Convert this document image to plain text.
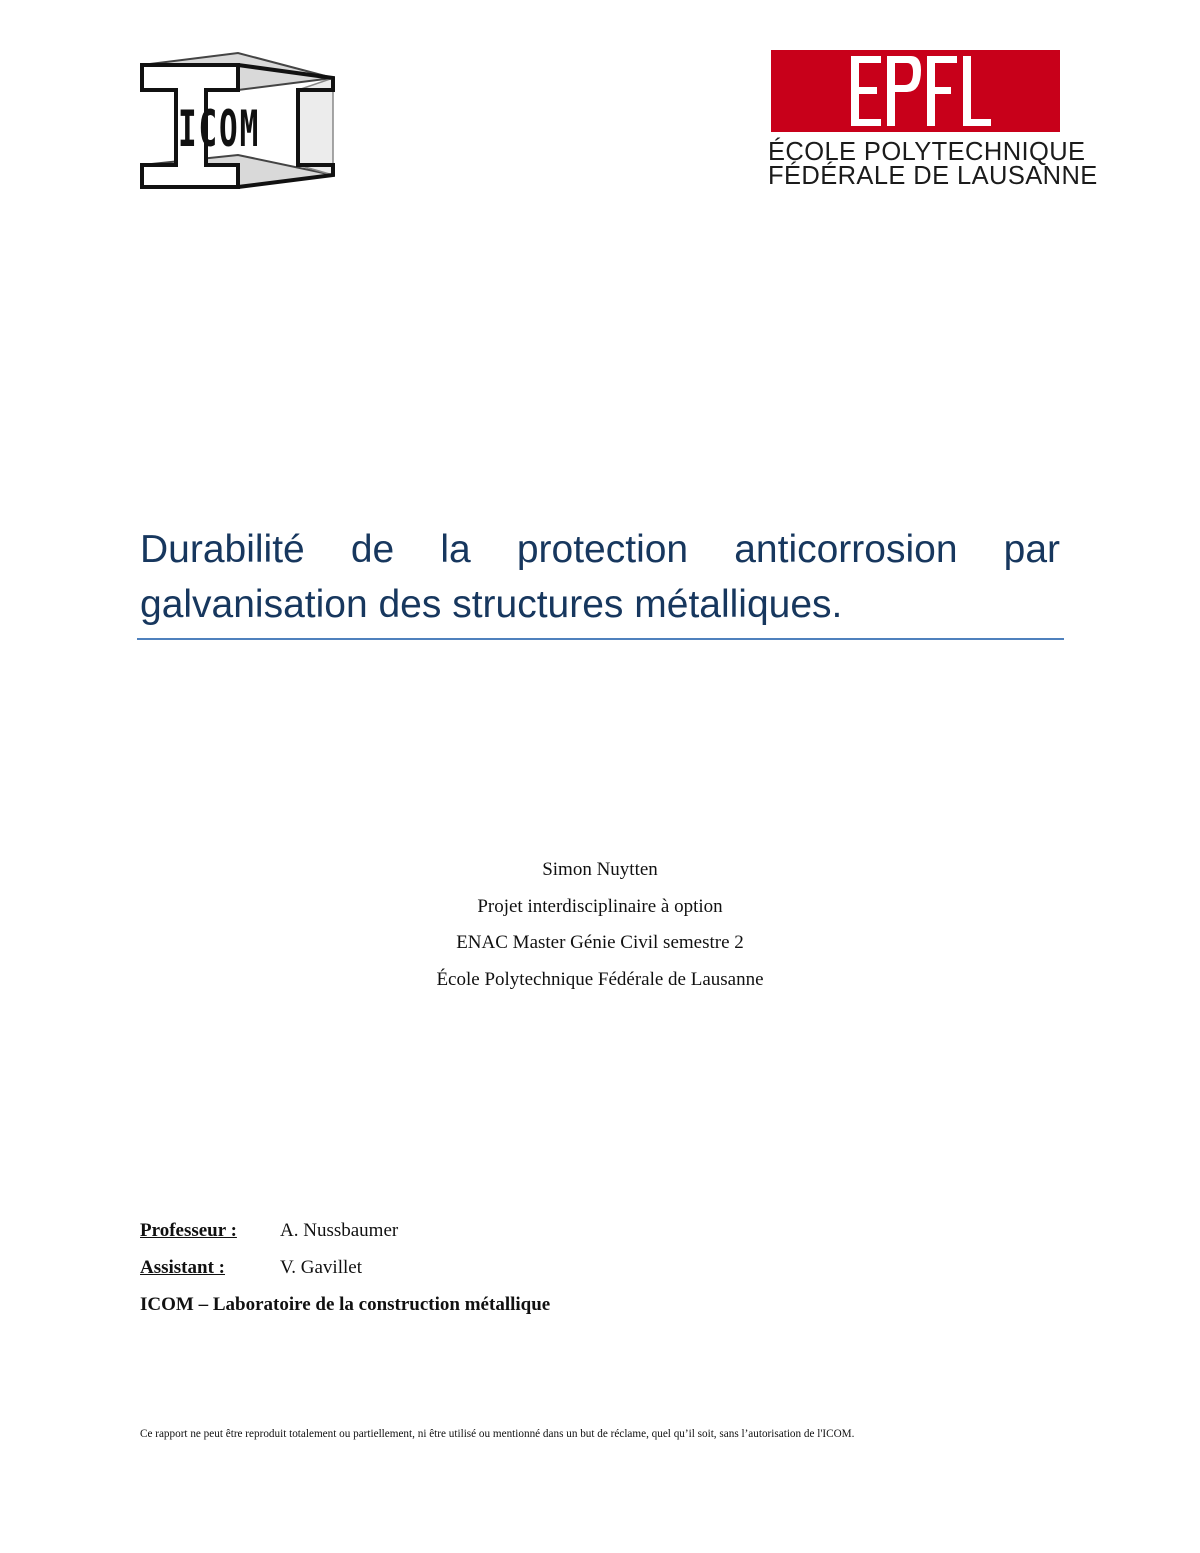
ICOM	ÉCOLE POLYTECHNIQUE
FÉDÉRALE DE LAUSANNE
Durabilité de la protection anticorrosion par galvanisation des structures métalliques.
Simon Nuytten
Projet interdisciplinaire à option
ENAC Master Génie Civil semestre 2
École Polytechnique Fédérale de Lausanne
Professeur : A. Nussbaumer
Assistant :	V. Gavillet
ICOM – Laboratoire de la construction métallique
Ce rapport ne peut être reproduit totalement ou partiellement, ni être utilisé ou mentionné dans un but de réclame, quel qu’il soit, sans l’autorisation de l'ICOM.
